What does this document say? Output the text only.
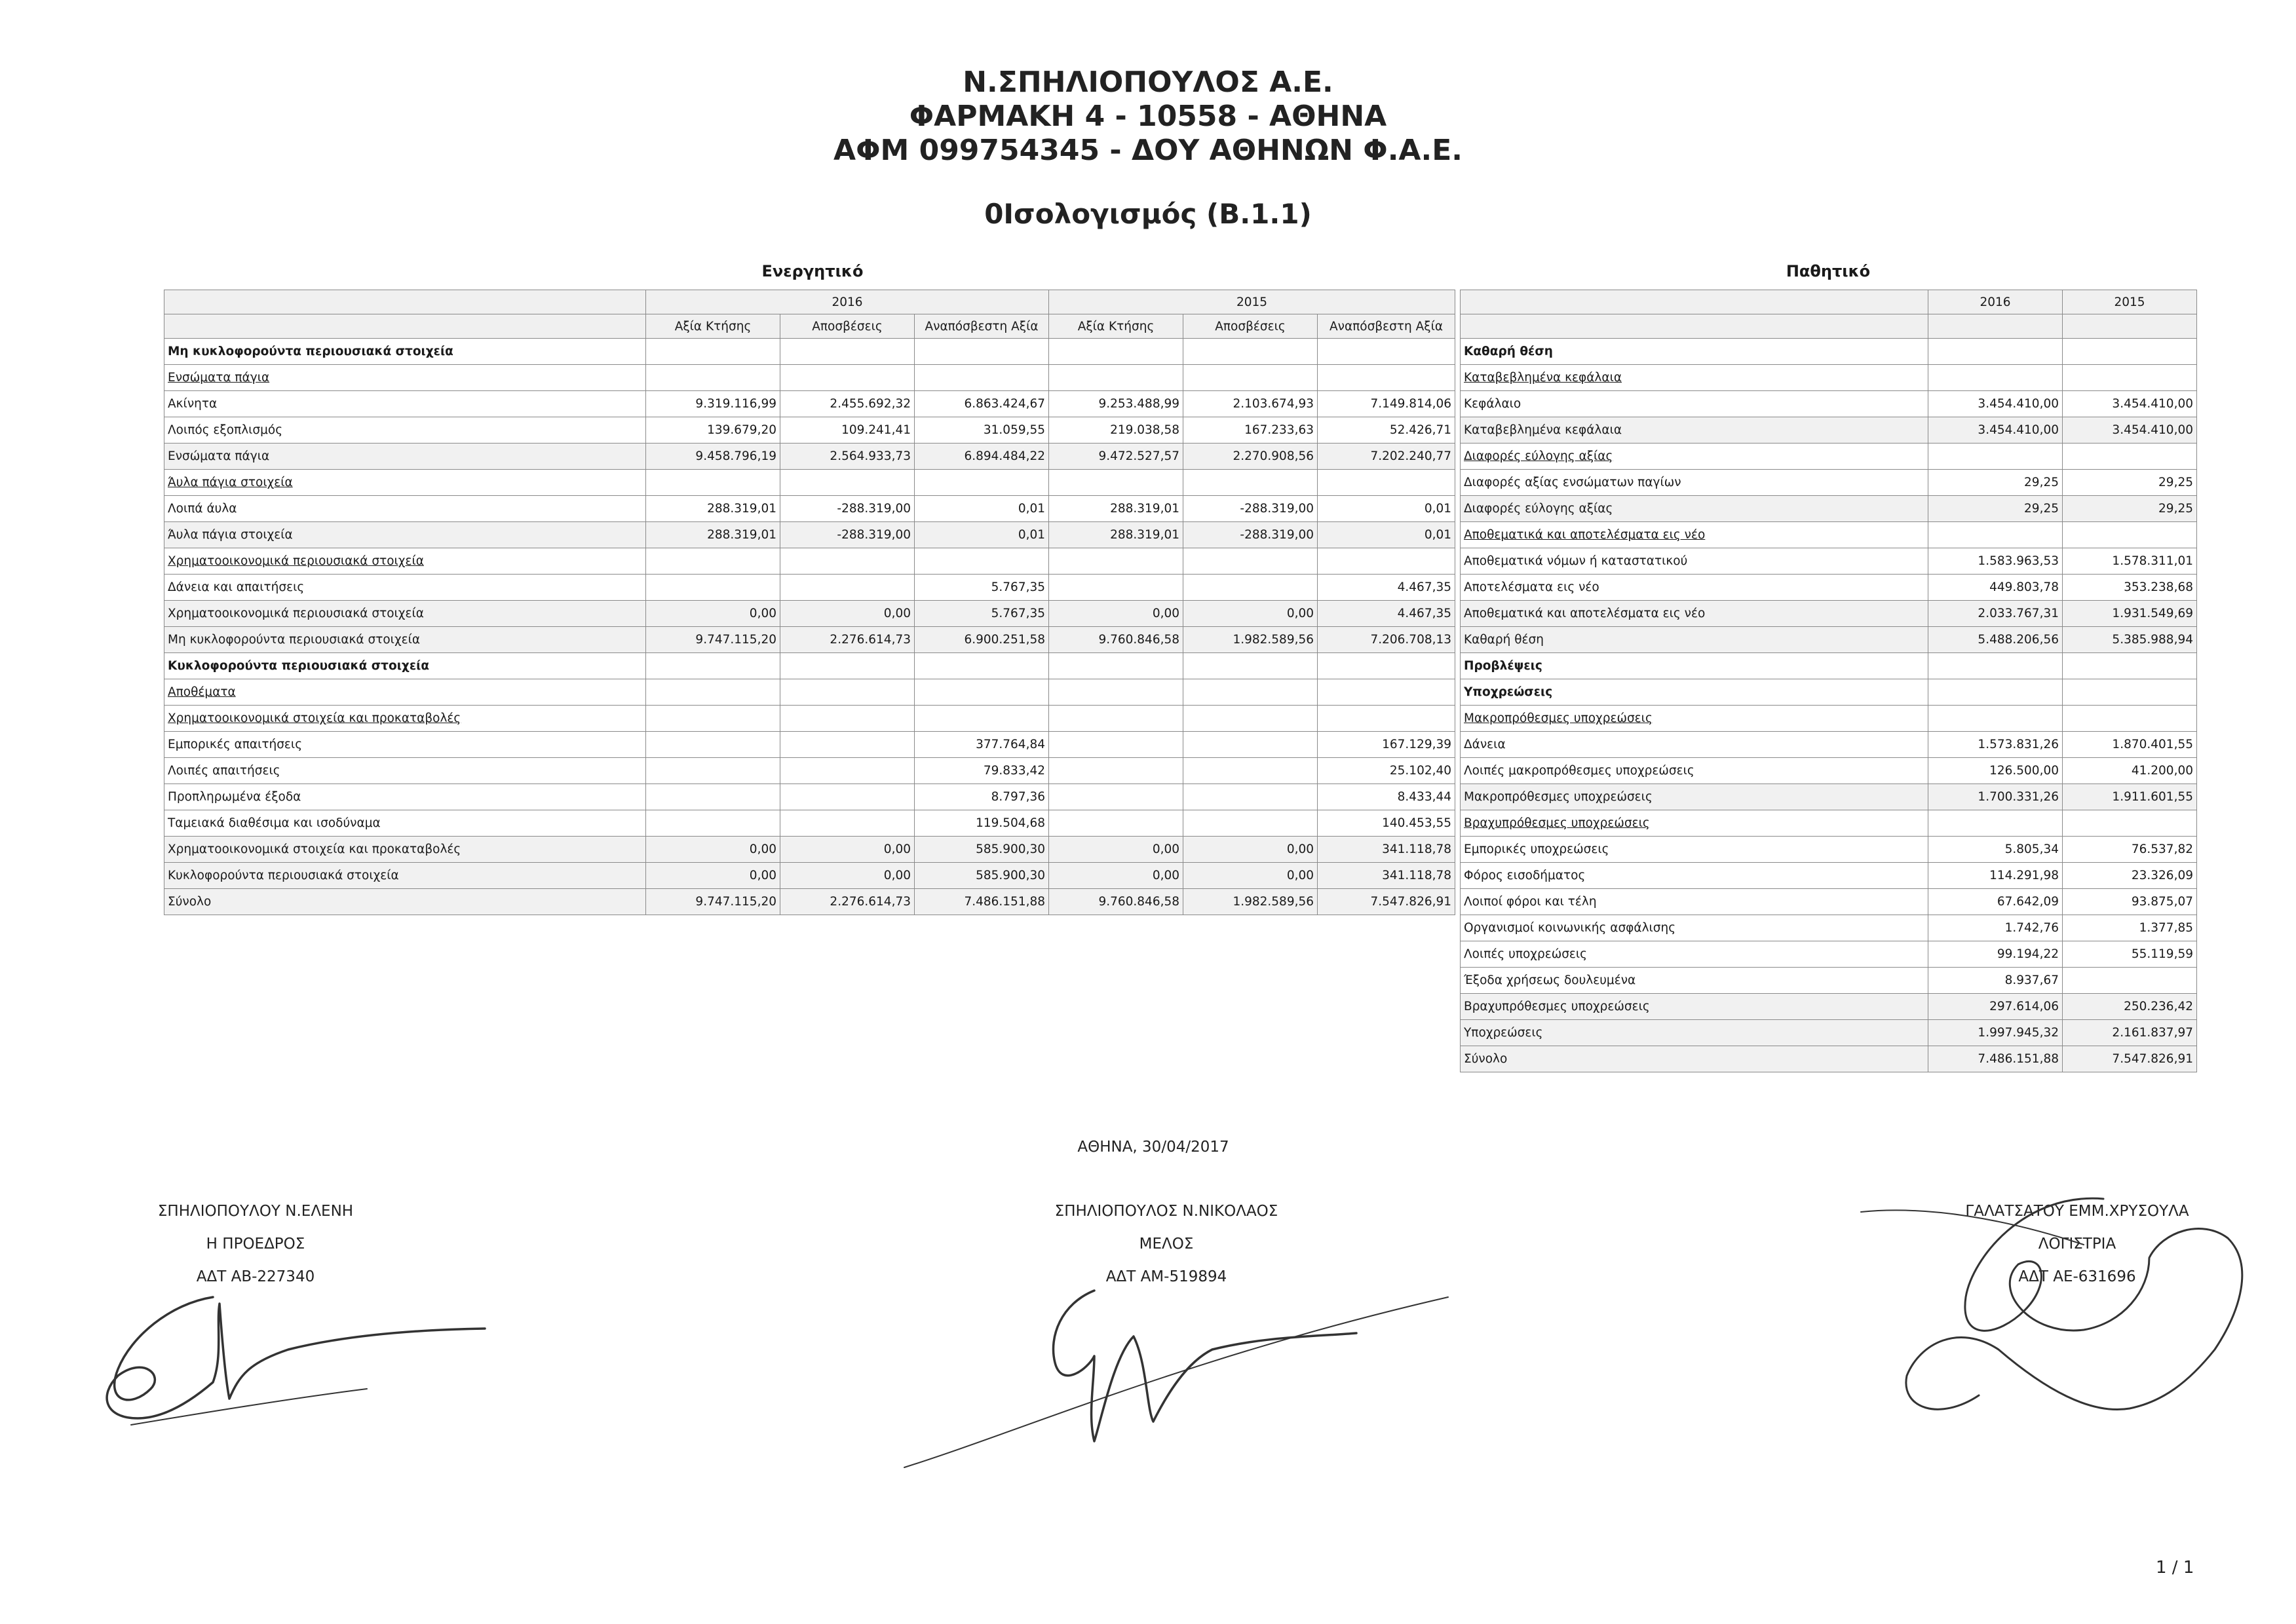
Ν.ΣΠΗΛΙΟΠΟΥΛΟΣ Α.Ε.
ΦΑΡΜΑΚΗ 4 - 10558 - ΑΘΗΝΑ
ΑΦΜ 099754345 - ΔΟΥ ΑΘΗΝΩΝ Φ.Α.Ε.
0Ισολογισμός (Β.1.1)
Ενεργητικό
	2016			2015		
	Αξία Κτήσης	Αποσβέσεις	Αναπόσβεστη Αξία	Αξία Κτήσης	Αποσβέσεις	Αναπόσβεστη Αξία
Μη κυκλοφορούντα περιουσιακά στοιχεία						
Ενσώματα πάγια						
Ακίνητα	9.319.116,99	2.455.692,32	6.863.424,67	9.253.488,99	2.103.674,93	7.149.814,06
Λοιπός εξοπλισμός	139.679,20	109.241,41	31.059,55	219.038,58	167.233,63	52.426,71
Ενσώματα πάγια	9.458.796,19	2.564.933,73	6.894.484,22	9.472.527,57	2.270.908,56	7.202.240,77
Άυλα πάγια στοιχεία						
Λοιπά άυλα	288.319,01	-288.319,00	0,01	288.319,01	-288.319,00	0,01
Άυλα πάγια στοιχεία	288.319,01	-288.319,00	0,01	288.319,01	-288.319,00	0,01
Χρηματοοικονομικά περιουσιακά στοιχεία						
Δάνεια και απαιτήσεις			5.767,35			4.467,35
Χρηματοοικονομικά περιουσιακά στοιχεία	0,00	0,00	5.767,35	0,00	0,00	4.467,35
Μη κυκλοφορούντα περιουσιακά στοιχεία	9.747.115,20	2.276.614,73	6.900.251,58	9.760.846,58	1.982.589,56	7.206.708,13
Κυκλοφορούντα περιουσιακά στοιχεία						
Αποθέματα						
Χρηματοοικονομικά στοιχεία και προκαταβολές						
Εμπορικές απαιτήσεις			377.764,84			167.129,39
Λοιπές απαιτήσεις			79.833,42			25.102,40
Προπληρωμένα έξοδα			8.797,36			8.433,44
Ταμειακά διαθέσιμα και ισοδύναμα			119.504,68			140.453,55
Χρηματοοικονομικά στοιχεία και προκαταβολές	0,00	0,00	585.900,30	0,00	0,00	341.118,78
Κυκλοφορούντα περιουσιακά στοιχεία	0,00	0,00	585.900,30	0,00	0,00	341.118,78
Σύνολο	9.747.115,20	2.276.614,73	7.486.151,88	9.760.846,58	1.982.589,56	7.547.826,91
Παθητικό
	2016	2015

Καθαρή θέση		
Καταβεβλημένα κεφάλαια		
Κεφάλαιο	3.454.410,00	3.454.410,00
Καταβεβλημένα κεφάλαια	3.454.410,00	3.454.410,00
Διαφορές εύλογης αξίας		
Διαφορές αξίας ενσώματων παγίων	29,25	29,25
Διαφορές εύλογης αξίας	29,25	29,25
Αποθεματικά και αποτελέσματα εις νέο		
Αποθεματικά νόμων ή καταστατικού	1.583.963,53	1.578.311,01
Αποτελέσματα εις νέο	449.803,78	353.238,68
Αποθεματικά και αποτελέσματα εις νέο	2.033.767,31	1.931.549,69
Καθαρή θέση	5.488.206,56	5.385.988,94
Προβλέψεις		
Υποχρεώσεις		
Μακροπρόθεσμες υποχρεώσεις		
Δάνεια	1.573.831,26	1.870.401,55
Λοιπές μακροπρόθεσμες υποχρεώσεις	126.500,00	41.200,00
Μακροπρόθεσμες υποχρεώσεις	1.700.331,26	1.911.601,55
Βραχυπρόθεσμες υποχρεώσεις		
Εμπορικές υποχρεώσεις	5.805,34	76.537,82
Φόρος εισοδήματος	114.291,98	23.326,09
Λοιποί φόροι και τέλη	67.642,09	93.875,07
Οργανισμοί κοινωνικής ασφάλισης	1.742,76	1.377,85
Λοιπές υποχρεώσεις	99.194,22	55.119,59
Έξοδα χρήσεως δουλευμένα	8.937,67	
Βραχυπρόθεσμες υποχρεώσεις	297.614,06	250.236,42
Υποχρεώσεις	1.997.945,32	2.161.837,97
Σύνολο	7.486.151,88	7.547.826,91
ΑΘΗΝΑ, 30/04/2017
ΣΠΗΛΙΟΠΟΥΛΟΥ Ν.ΕΛΕΝΗ
Η ΠΡΟΕΔΡΟΣ
ΑΔΤ ΑΒ-227340
ΣΠΗΛΙΟΠΟΥΛΟΣ Ν.ΝΙΚΟΛΑΟΣ
ΜΕΛΟΣ
ΑΔΤ ΑΜ-519894
ΓΑΛΑΤΣΑΤΟΥ ΕΜΜ.ΧΡΥΣΟΥΛΑ
ΛΟΓΙΣΤΡΙΑ
ΑΔΤ ΑΕ-631696
1 / 1
